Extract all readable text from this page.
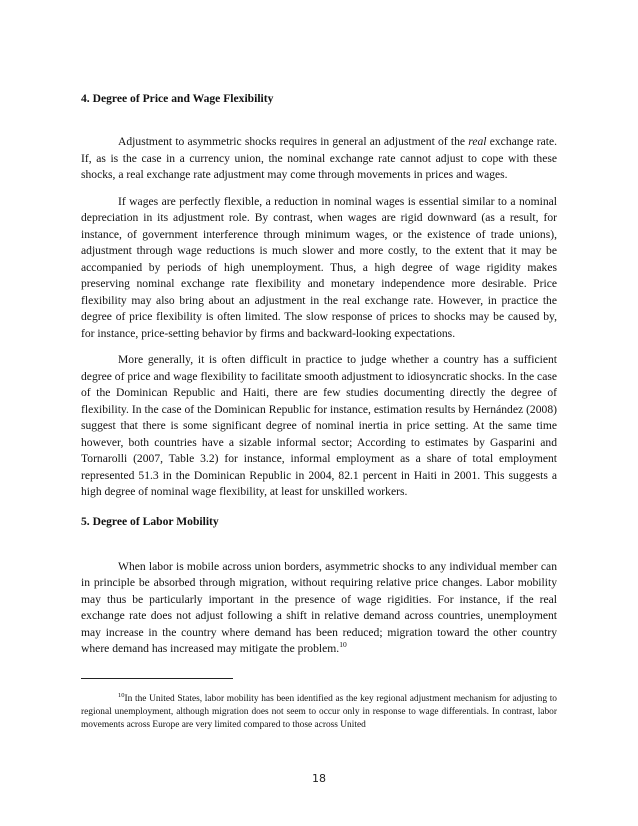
4. Degree of Price and Wage Flexibility

Adjustment to asymmetric shocks requires in general an adjustment of the real exchange rate. If, as is the case in a currency union, the nominal exchange rate cannot adjust to cope with these shocks, a real exchange rate adjustment may come through movements in prices and wages.

If wages are perfectly flexible, a reduction in nominal wages is essential similar to a nominal depreciation in its adjustment role. By contrast, when wages are rigid downward (as a result, for instance, of government interference through minimum wages, or the existence of trade unions), adjustment through wage reductions is much slower and more costly, to the extent that it may be accompanied by periods of high unemployment. Thus, a high degree of wage rigidity makes preserving nominal exchange rate flexibility and monetary independence more desirable. Price flexibility may also bring about an adjustment in the real exchange rate. However, in practice the degree of price flexibility is often limited. The slow response of prices to shocks may be caused by, for instance, price-setting behavior by firms and backward-looking expectations.

More generally, it is often difficult in practice to judge whether a country has a sufficient degree of price and wage flexibility to facilitate smooth adjustment to idiosyncratic shocks. In the case of the Dominican Republic and Haiti, there are few studies documenting directly the degree of flexibility. In the case of the Dominican Republic for instance, estimation results by Hernández (2008) suggest that there is some significant degree of nominal inertia in price setting. At the same time however, both countries have a sizable informal sector; According to estimates by Gasparini and Tornarolli (2007, Table 3.2) for instance, informal employment as a share of total employment represented 51.3 in the Dominican Republic in 2004, 82.1 percent in Haiti in 2001. This suggests a high degree of nominal wage flexibility, at least for unskilled workers.

5. Degree of Labor Mobility

When labor is mobile across union borders, asymmetric shocks to any individual member can in principle be absorbed through migration, without requiring relative price changes. Labor mobility may thus be particularly important in the presence of wage rigidities. For instance, if the real exchange rate does not adjust following a shift in relative demand across countries, unemployment may increase in the country where demand has been reduced; migration toward the other country where demand has increased may mitigate the problem.$^{10}$

$^{10}$In the United States, labor mobility has been identified as the key regional adjustment mechanism for adjusting to regional unemployment, although migration does not seem to occur only in response to wage differentials. In contrast, labor movements across Europe are very limited compared to those across United
18
